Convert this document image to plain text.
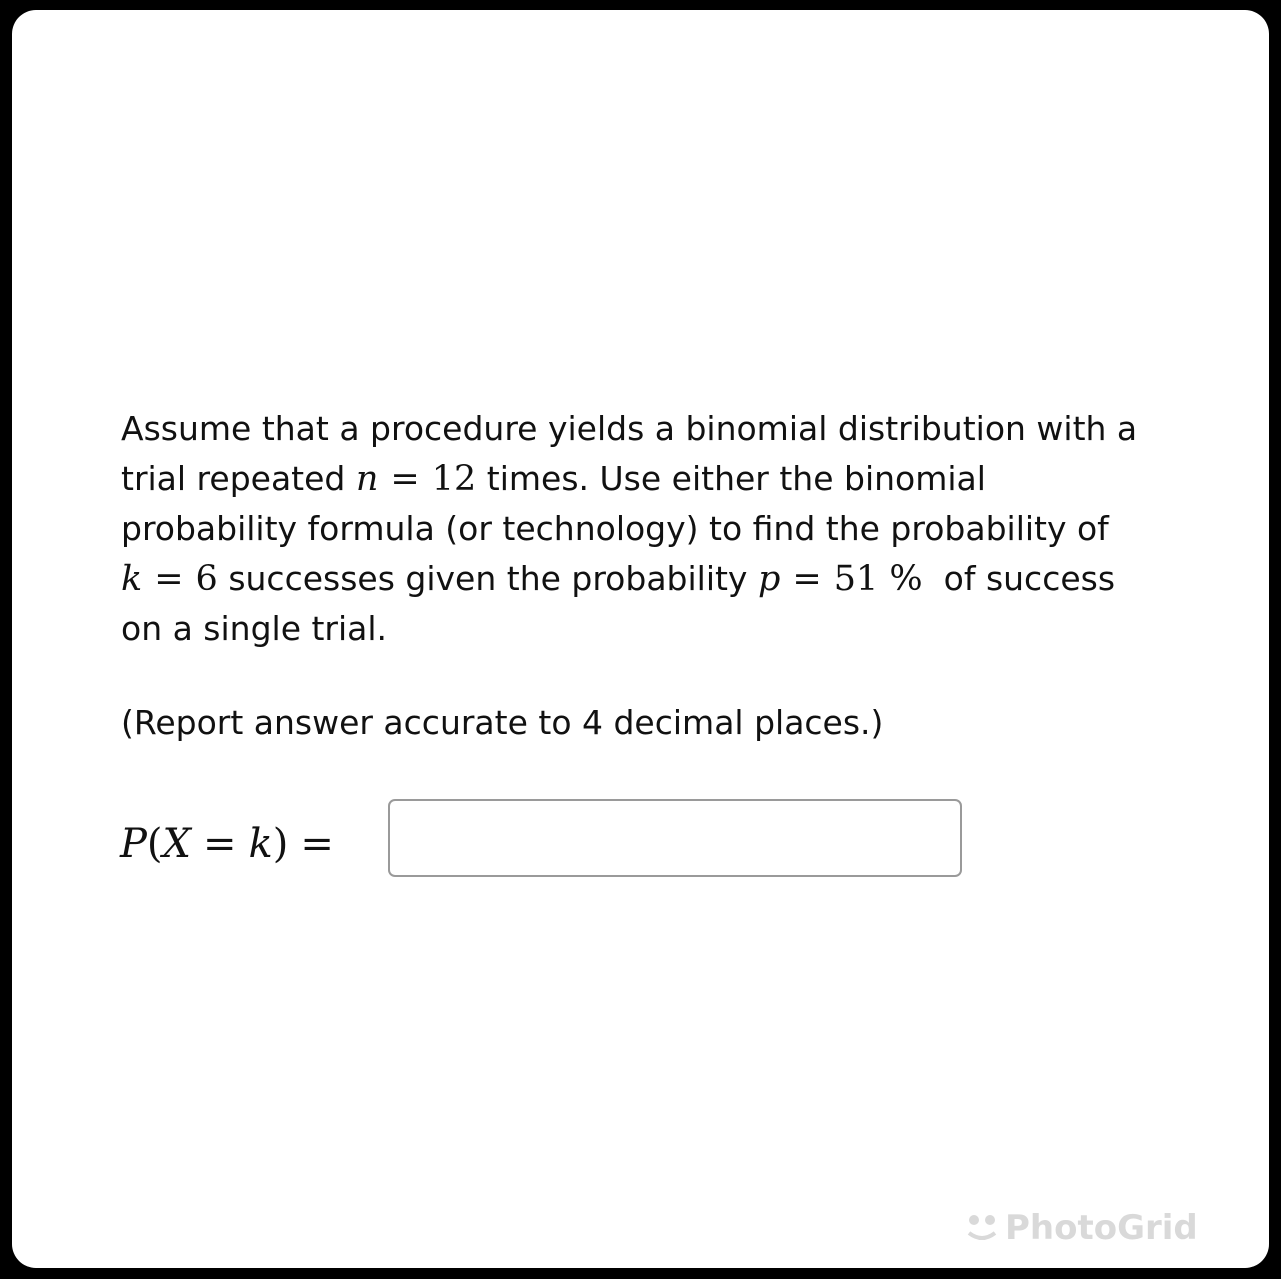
Assume that a procedure yields a binomial distribution with a

trial repeated n = 12 times. Use either the binomial

probability formula (or technology) to find the probability of

k = 6 successes given the probability p = 51 % of success

on a single trial.

(Report answer accurate to 4 decimal places.)
P(X = k) =
PhotoGrid
